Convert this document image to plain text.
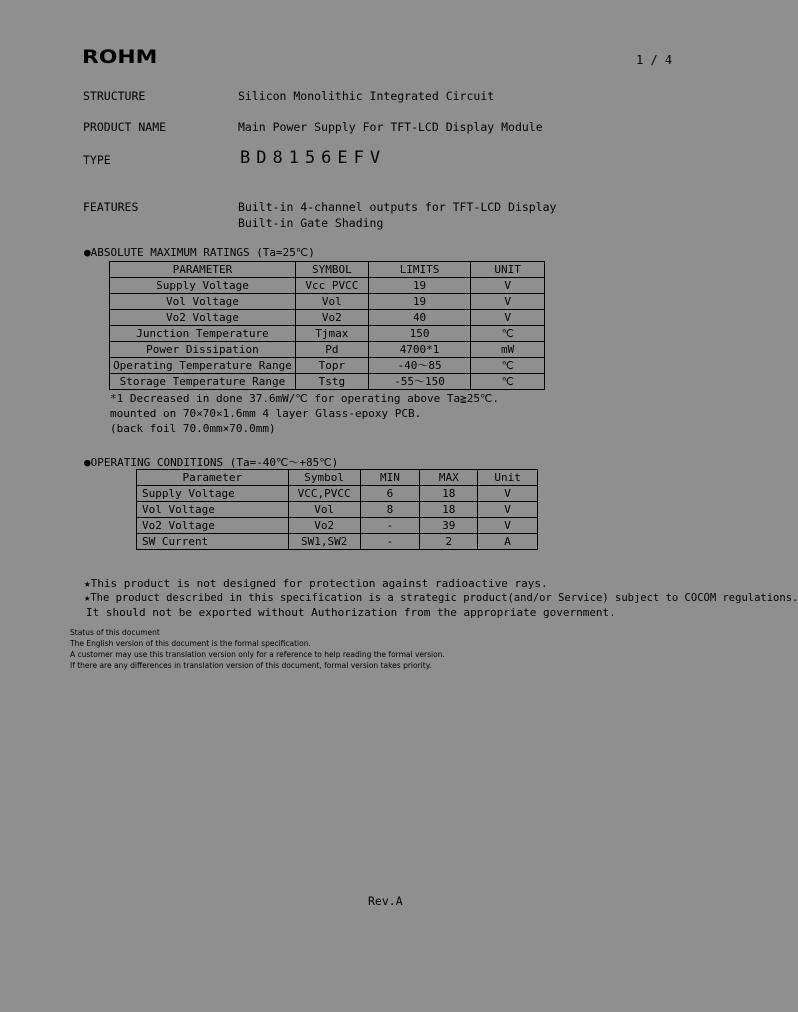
ROHM	1 / 4
STRUCTURE	Silicon Monolithic Integrated Circuit
PRODUCT NAME	Main Power Supply For TFT-LCD Display Module
TYPE	BD8156EFV
FEATURES	Built-in 4-channel outputs for TFT-LCD Display
Built-in Gate Shading
●ABSOLUTE MAXIMUM RATINGS (Ta=25℃)
PARAMETER	SYMBOL	LIMITS	UNIT
Supply Voltage	Vcc PVCC	19	V
Vol Voltage	Vol	19	V
Vo2 Voltage	Vo2	40	V
Junction Temperature	Tjmax	150	℃
Power Dissipation	Pd	4700*1	mW
Operating Temperature Range	Topr	-40～85	℃
Storage Temperature Range	Tstg	-55～150	℃
*1 Decreased in done 37.6mW/℃ for operating above Ta≧25℃.
mounted on 70×70×1.6mm 4 layer Glass-epoxy PCB.
(back foil 70.0mm×70.0mm)
●OPERATING CONDITIONS (Ta=-40℃～+85℃)
Parameter	Symbol	MIN	MAX	Unit
Supply Voltage	VCC,PVCC	6	18	V
Vol Voltage	Vol	8	18	V
Vo2 Voltage	Vo2	-	39	V
SW Current	SW1,SW2	-	2	A
★This product is not designed for protection against radioactive rays.
★The product described in this specification is a strategic product(and/or Service) subject to COCOM regulations.
It should not be exported without Authorization from the appropriate government.
Status of this document
The English version of this document is the formal specification.
A customer may use this translation version only for a reference to help reading the formal version.
If there are any differences in translation version of this document, formal version takes priority.
Rev.A
